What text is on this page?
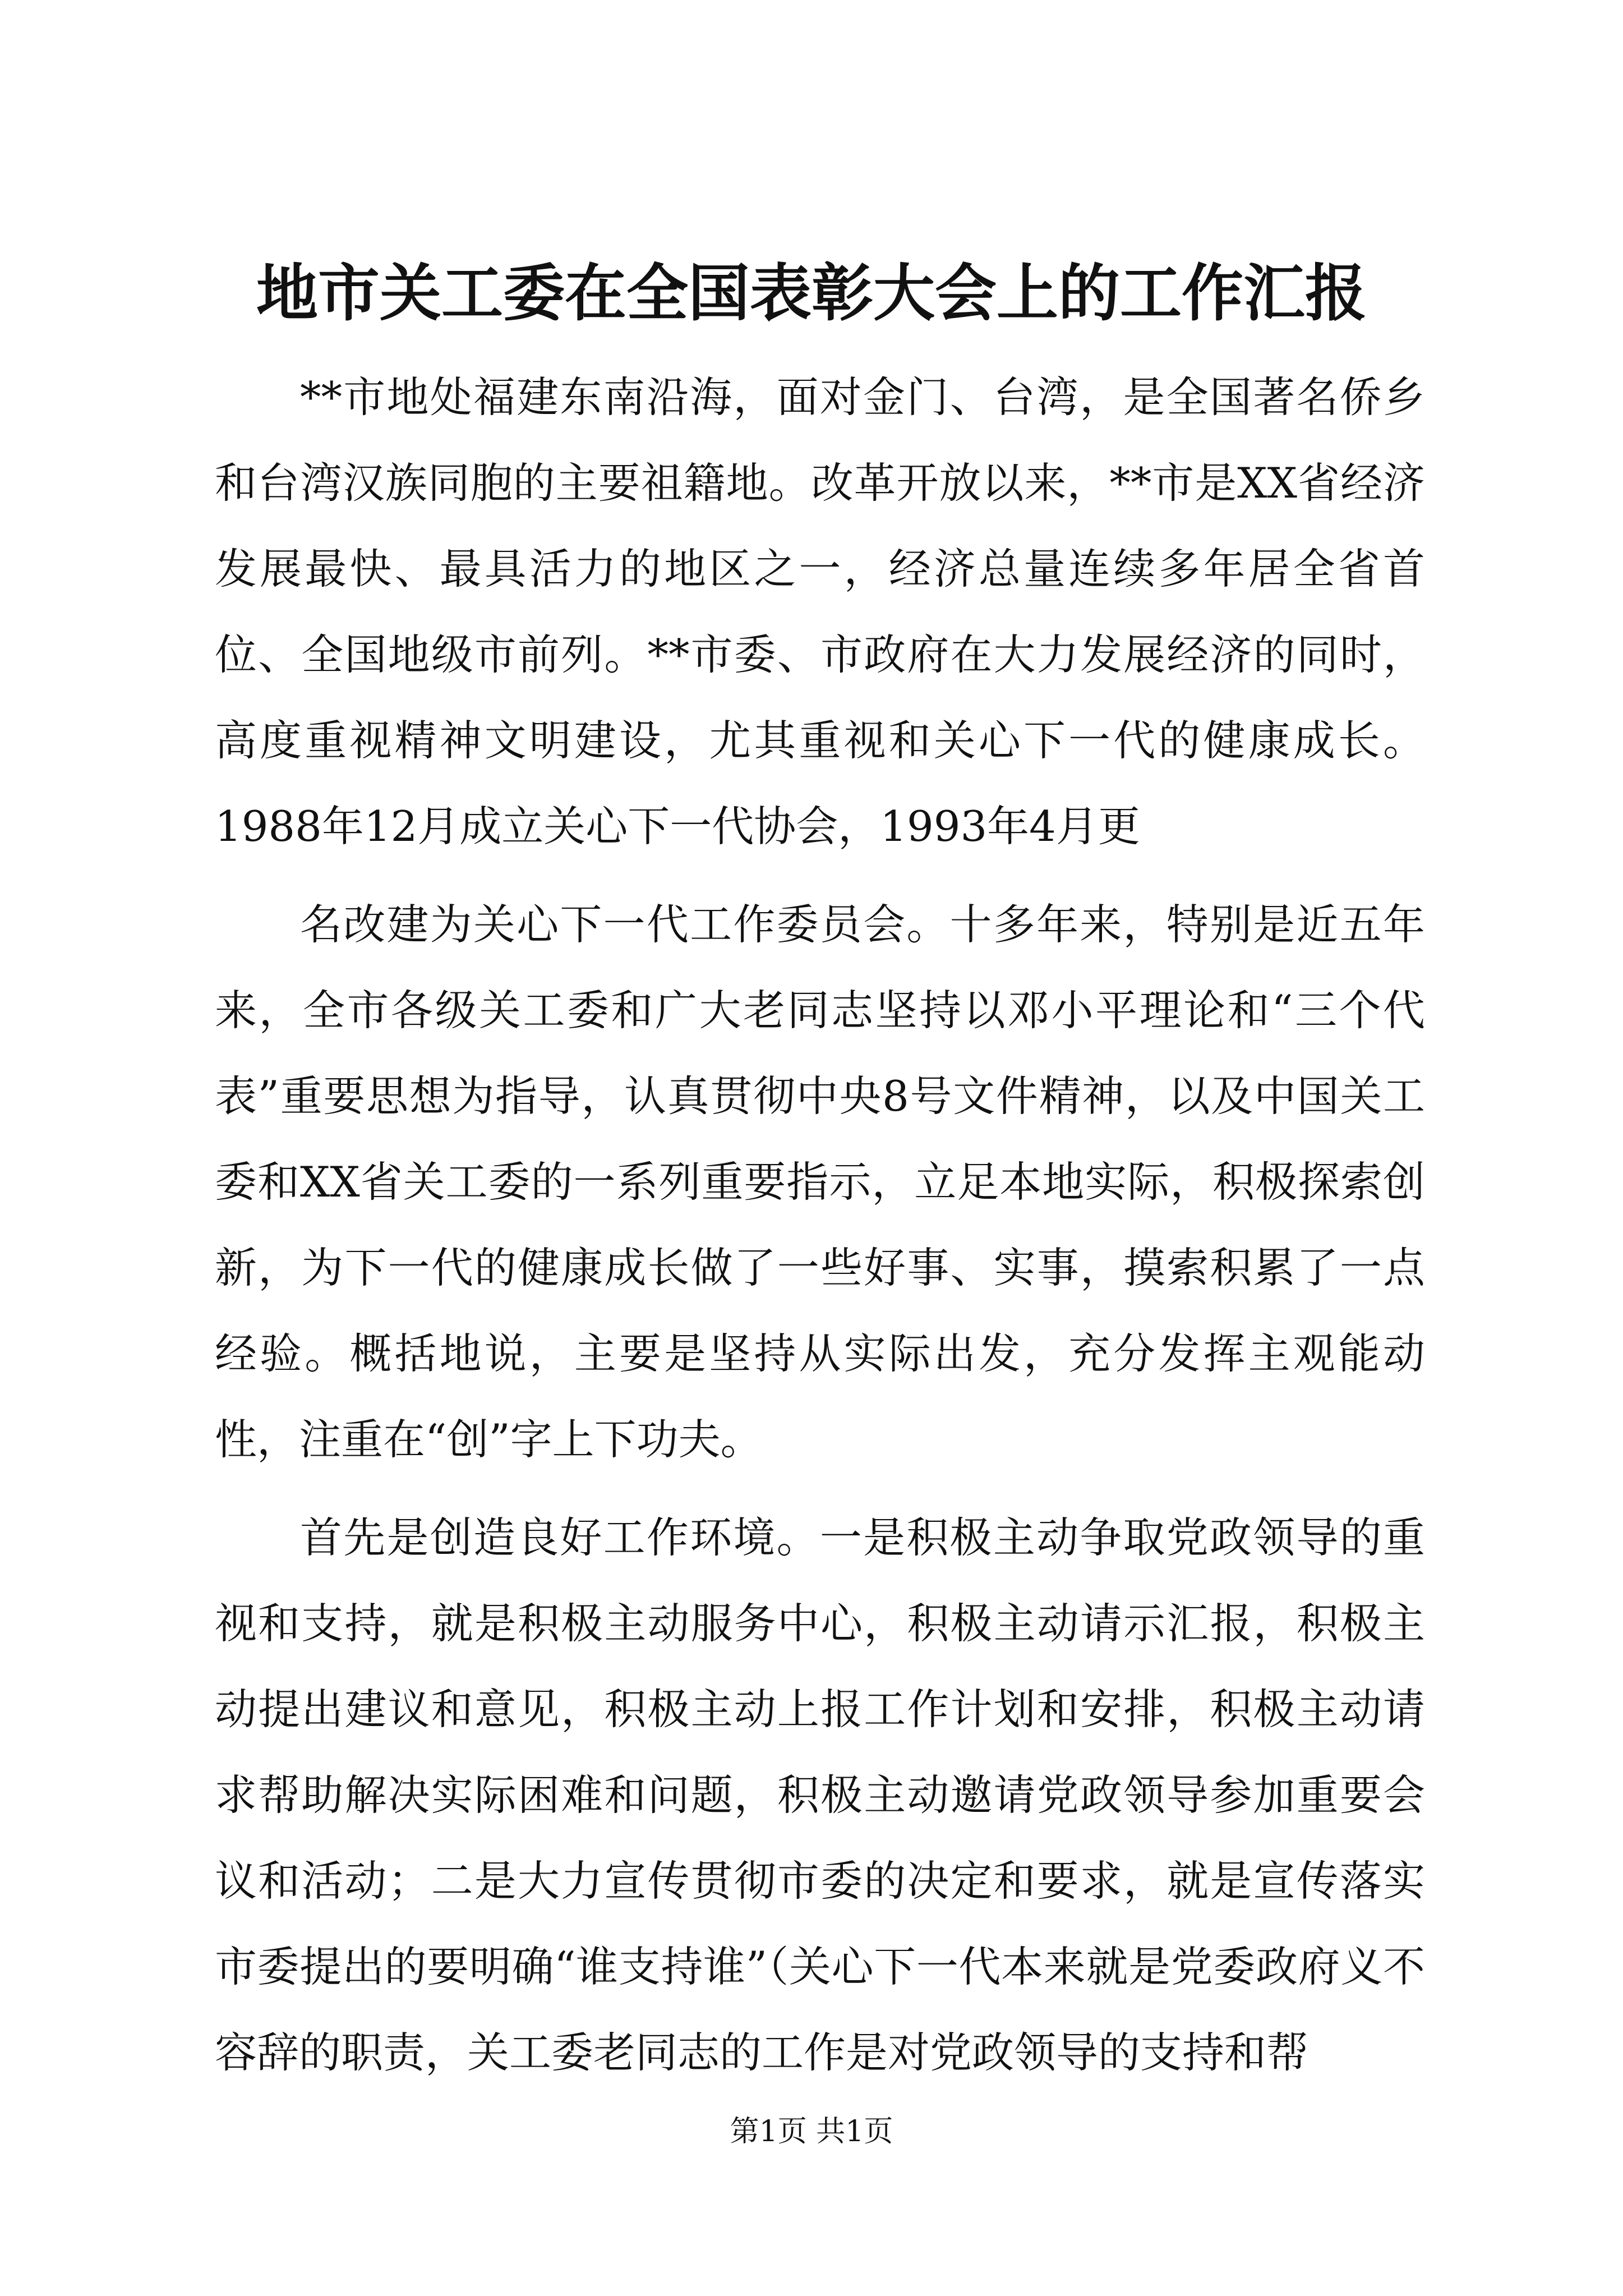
地市关工委在全国表彰大会上的工作汇报

**市地处福建东南沿海，面对金门、台湾，是全国著名侨乡和台湾汉族同胞的主要祖籍地。改革开放以来，**市是XX省经济发展最快、最具活力的地区之一，经济总量连续多年居全省首位、全国地级市前列。**市委、市政府在大力发展经济的同时，高度重视精神文明建设，尤其重视和关心下一代的健康成长。1988年12月成立关心下一代协会，1993年4月更

名改建为关心下一代工作委员会。十多年来，特别是近五年来，全市各级关工委和广大老同志坚持以邓小平理论和“三个代表”重要思想为指导，认真贯彻中央8号文件精神，以及中国关工委和XX省关工委的一系列重要指示，立足本地实际，积极探索创新，为下一代的健康成长做了一些好事、实事，摸索积累了一点经验。概括地说，主要是坚持从实际出发，充分发挥主观能动性，注重在“创”字上下功夫。

首先是创造良好工作环境。一是积极主动争取党政领导的重视和支持，就是积极主动服务中心，积极主动请示汇报，积极主动提出建议和意见，积极主动上报工作计划和安排，积极主动请求帮助解决实际困难和问题，积极主动邀请党政领导参加重要会议和活动；二是大力宣传贯彻市委的决定和要求，就是宣传落实市委提出的要明确“谁支持谁”（关心下一代本来就是党委政府义不容辞的职责，关工委老同志的工作是对党政领导的支持和帮

第1页 共1页
